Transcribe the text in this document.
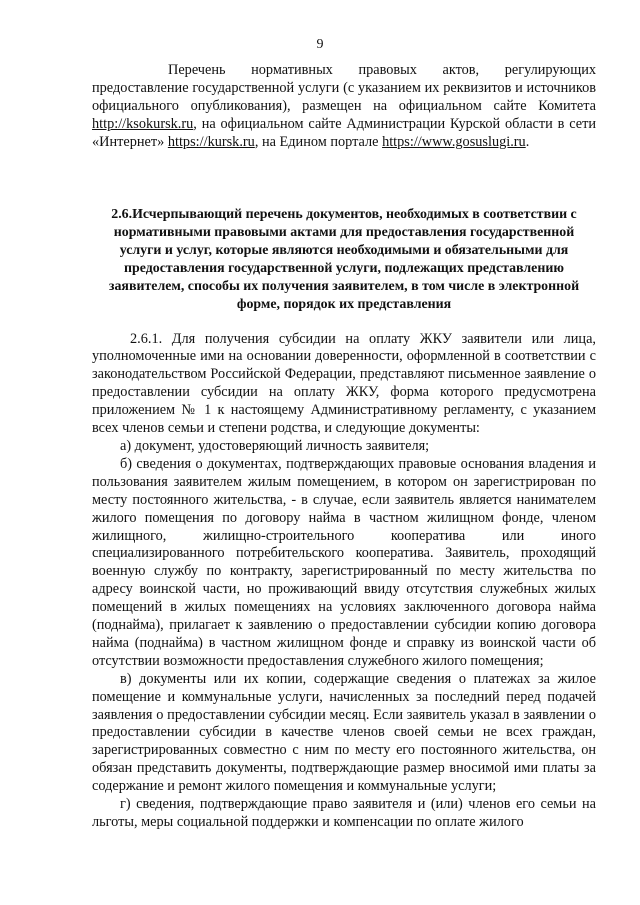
9

Перечень нормативных правовых актов, регулирующих предоставление государственной услуги (с указанием их реквизитов и источников официального опубликования), размещен на официальном сайте Комитета http://ksokursk.ru, на официальном сайте Администрации Курской области в сети «Интернет» https://kursk.ru, на Едином портале https://www.gosuslugi.ru.

2.6.Исчерпывающий перечень документов, необходимых в соответствии с нормативными правовыми актами для предоставления государственной услуги и услуг, которые являются необходимыми и обязательными для предоставления государственной услуги, подлежащих представлению заявителем, способы их получения заявителем, в том числе в электронной форме, порядок их представления

2.6.1. Для получения субсидии на оплату ЖКУ заявители или лица, уполномоченные ими на основании доверенности, оформленной в соответствии с законодательством Российской Федерации, представляют письменное заявление о предоставлении субсидии на оплату ЖКУ, форма которого предусмотрена приложением № 1 к настоящему Административному регламенту, с указанием всех членов семьи и степени родства, и следующие документы:

а) документ, удостоверяющий личность заявителя;

б) сведения о документах, подтверждающих правовые основания владения и пользования заявителем жилым помещением, в котором он зарегистрирован по месту постоянного жительства, - в случае, если заявитель является нанимателем жилого помещения по договору найма в частном жилищном фонде, членом жилищного, жилищно-строительного кооператива или иного специализированного потребительского кооператива. Заявитель, проходящий военную службу по контракту, зарегистрированный по месту жительства по адресу воинской части, но проживающий ввиду отсутствия служебных жилых помещений в жилых помещениях на условиях заключенного договора найма (поднайма), прилагает к заявлению о предоставлении субсидии копию договора найма (поднайма) в частном жилищном фонде и справку из воинской части об отсутствии возможности предоставления служебного жилого помещения;

в) документы или их копии, содержащие сведения о платежах за жилое помещение и коммунальные услуги, начисленных за последний перед подачей заявления о предоставлении субсидии месяц. Если заявитель указал в заявлении о предоставлении субсидии в качестве членов своей семьи не всех граждан, зарегистрированных совместно с ним по месту его постоянного жительства, он обязан представить документы, подтверждающие размер вносимой ими платы за содержание и ремонт жилого помещения и коммунальные услуги;

г) сведения, подтверждающие право заявителя и (или) членов его семьи на льготы, меры социальной поддержки и компенсации по оплате жилого
